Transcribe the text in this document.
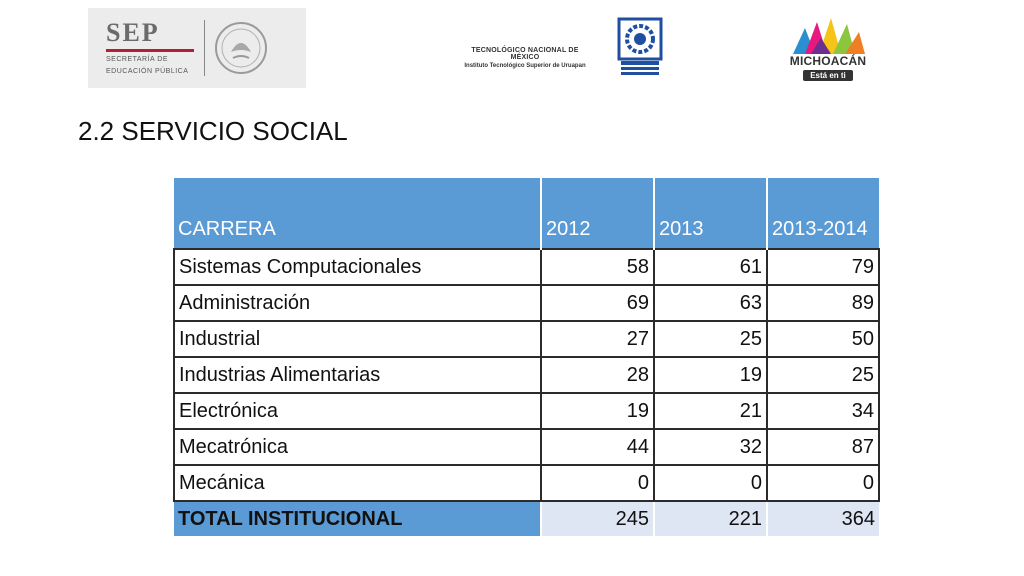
SEP
SECRETARÍA DE
EDUCACIÓN PÚBLICA
TECNOLÓGICO NACIONAL DE MÉXICO
Instituto Tecnológico Superior de Uruapan	MICHOACÁN
Está en ti
2.2 SERVICIO SOCIAL
CARRERA	2012	2013	2013-2014
Sistemas Computacionales	58	61	79
Administración	69	63	89
Industrial	27	25	50
Industrias Alimentarias	28	19	25
Electrónica	19	21	34
Mecatrónica	44	32	87
Mecánica	0	0	0
TOTAL INSTITUCIONAL	245	221	364
